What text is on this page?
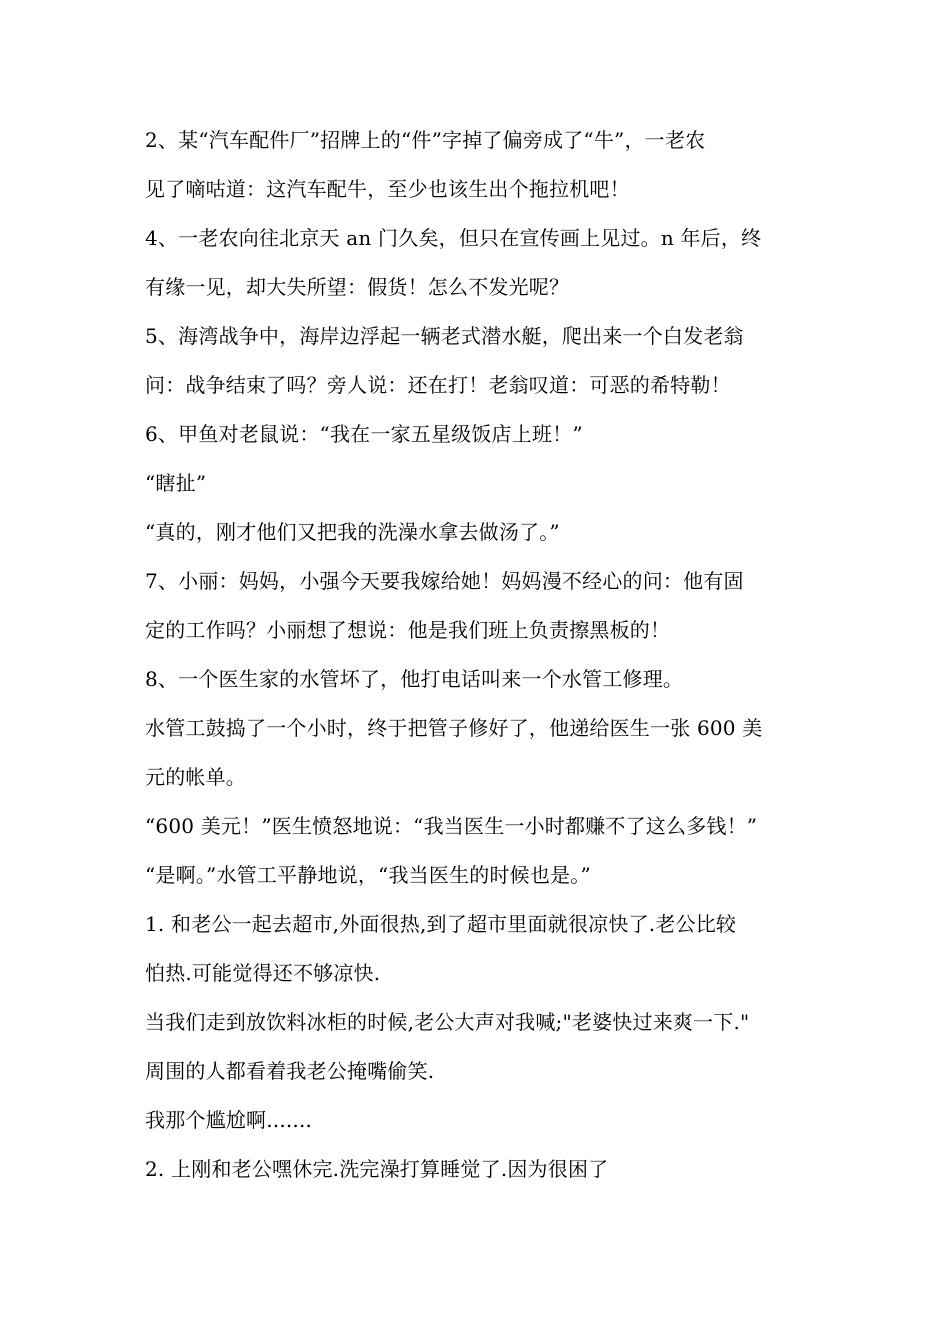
2、某“汽车配件厂”招牌上的“件”字掉了偏旁成了“牛”，一老农
见了嘀咕道：这汽车配牛，至少也该生出个拖拉机吧！
4、一老农向往北京天 an 门久矣，但只在宣传画上见过。n 年后，终
有缘一见，却大失所望：假货！怎么不发光呢？
5、海湾战争中，海岸边浮起一辆老式潜水艇，爬出来一个白发老翁
问：战争结束了吗？旁人说：还在打！老翁叹道：可恶的希特勒！
6、甲鱼对老鼠说：“我在一家五星级饭店上班！”
“瞎扯”
“真的，刚才他们又把我的洗澡水拿去做汤了。”
7、小丽：妈妈，小强今天要我嫁给她！妈妈漫不经心的问：他有固
定的工作吗？小丽想了想说：他是我们班上负责擦黑板的！
8、一个医生家的水管坏了，他打电话叫来一个水管工修理。
水管工鼓捣了一个小时，终于把管子修好了，他递给医生一张 600 美
元的帐单。
“600 美元！”医生愤怒地说：“我当医生一小时都赚不了这么多钱！”
“是啊。”水管工平静地说，“我当医生的时候也是。”
1. 和老公一起去超市,外面很热,到了超市里面就很凉快了.老公比较
怕热.可能觉得还不够凉快.
当我们走到放饮料冰柜的时候,老公大声对我喊;"老婆快过来爽一下."
周围的人都看着我老公掩嘴偷笑.
我那个尴尬啊.......
2. 上刚和老公嘿休完.洗完澡打算睡觉了.因为很困了
